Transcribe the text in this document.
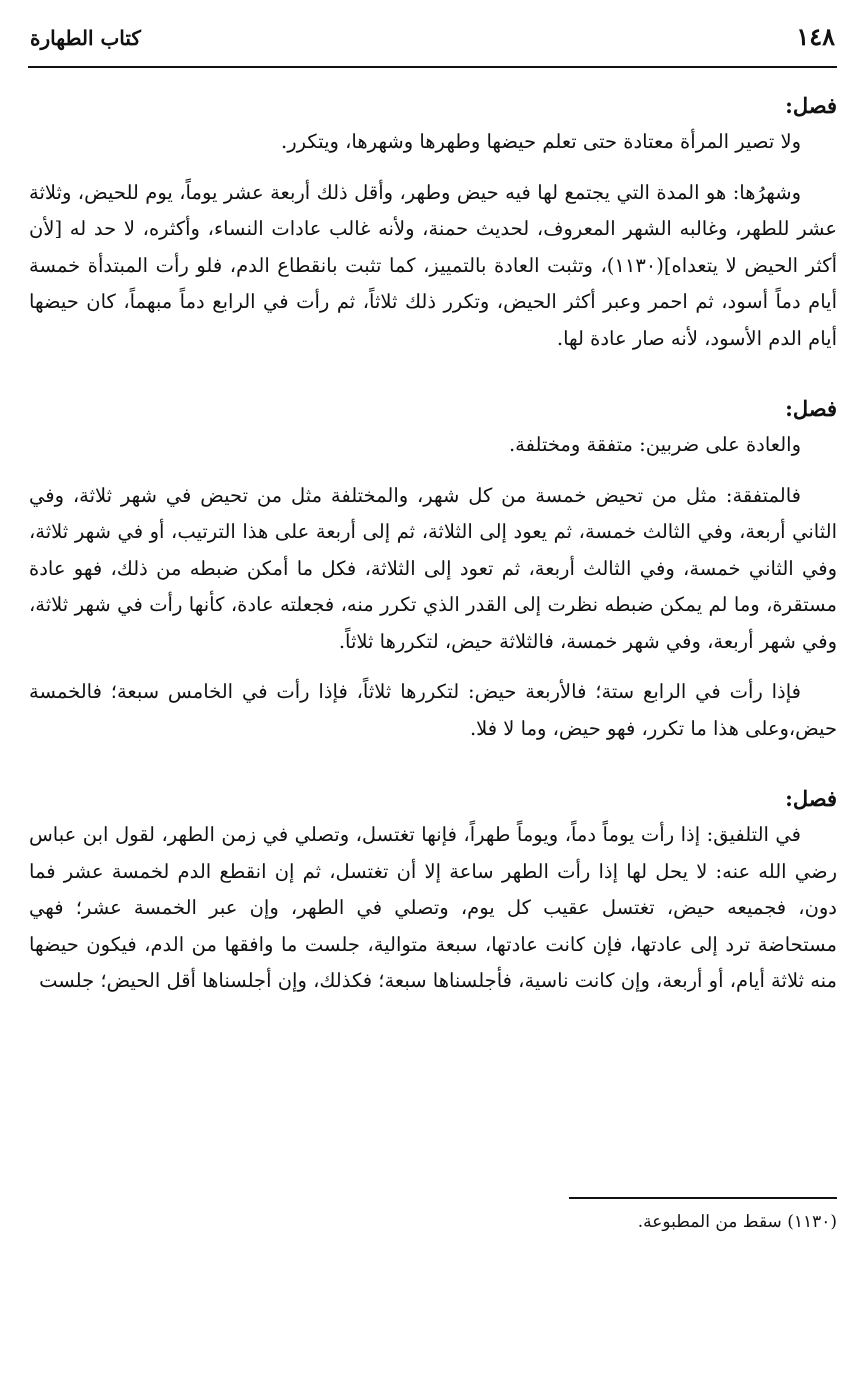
١٤٨
كتاب الطهارة
فصل:

ولا تصير المرأة معتادة حتى تعلم حيضها وطهرها وشهرها، ويتكرر.

وشهرُها: هو المدة التي يجتمع لها فيه حيض وطهر، وأقل ذلك أربعة عشر يوماً، يوم للحيض، وثلاثة عشر للطهر، وغالبه الشهر المعروف، لحديث حمنة، ولأنه غالب عادات النساء، وأكثره، لا حد له [لأن أكثر الحيض لا يتعداه](١١٣٠)، وتثبت العادة بالتمييز، كما تثبت بانقطاع الدم، فلو رأت المبتدأة خمسة أيام دماً أسود، ثم احمر وعبر أكثر الحيض، وتكرر ذلك ثلاثاً، ثم رأت في الرابع دماً مبهماً، كان حيضها أيام الدم الأسود، لأنه صار عادة لها.

فصل:

والعادة على ضربين: متفقة ومختلفة.

فالمتفقة: مثل من تحيض خمسة من كل شهر، والمختلفة مثل من تحيض في شهر ثلاثة، وفي الثاني أربعة، وفي الثالث خمسة، ثم يعود إلى الثلاثة، ثم إلى أربعة على هذا الترتيب، أو في شهر ثلاثة، وفي الثاني خمسة، وفي الثالث أربعة، ثم تعود إلى الثلاثة، فكل ما أمكن ضبطه من ذلك، فهو عادة مستقرة، وما لم يمكن ضبطه نظرت إلى القدر الذي تكرر منه، فجعلته عادة، كأنها رأت في شهر ثلاثة، وفي شهر أربعة، وفي شهر خمسة، فالثلاثة حيض، لتكررها ثلاثاً.

فإذا رأت في الرابع ستة؛ فالأربعة حيض: لتكررها ثلاثاً، فإذا رأت في الخامس سبعة؛ فالخمسة حيض،وعلى هذا ما تكرر، فهو حيض، وما لا فلا.

فصل:

في التلفيق: إذا رأت يوماً دماً، ويوماً طهراً، فإنها تغتسل، وتصلي في زمن الطهر، لقول ابن عباس رضي الله عنه: لا يحل لها إذا رأت الطهر ساعة إلا أن تغتسل، ثم إن انقطع الدم لخمسة عشر فما دون، فجميعه حيض، تغتسل عقيب كل يوم، وتصلي في الطهر، وإن عبر الخمسة عشر؛ فهي مستحاضة ترد إلى عادتها، فإن كانت عادتها، سبعة متوالية، جلست ما وافقها من الدم، فيكون حيضها منه ثلاثة أيام، أو أربعة، وإن كانت ناسية، فأجلسناها سبعة؛ فكذلك، وإن أجلسناها أقل الحيض؛ جلست

(١١٣٠) سقط من المطبوعة.
